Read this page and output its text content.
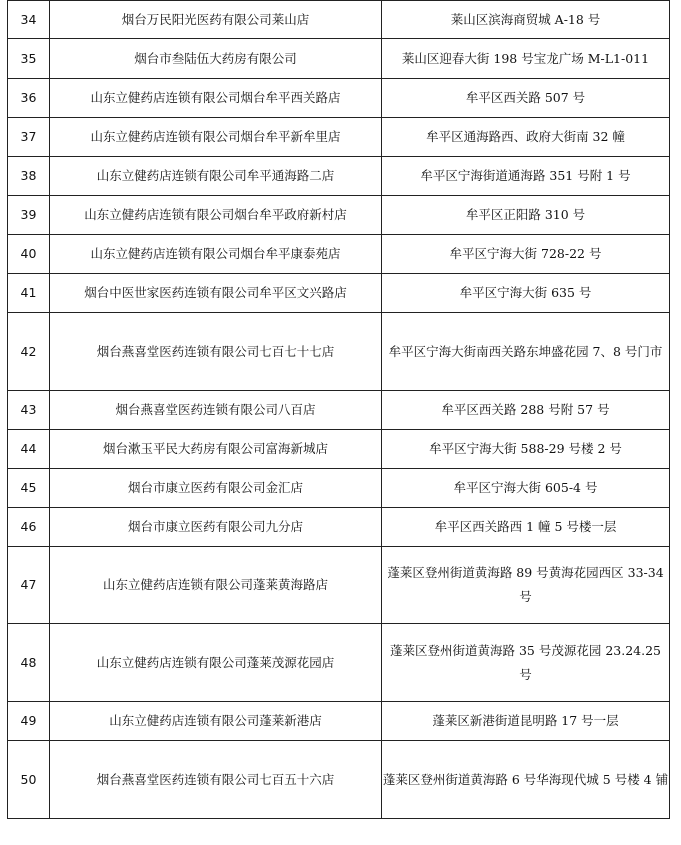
34	烟台万民阳光医药有限公司莱山店	莱山区滨海商贸城 A-18 号
35	烟台市叁陆伍大药房有限公司	莱山区迎春大街 198 号宝龙广场 M-L1-011
36	山东立健药店连锁有限公司烟台牟平西关路店	牟平区西关路 507 号
37	山东立健药店连锁有限公司烟台牟平新牟里店	牟平区通海路西、政府大街南 32 幢
38	山东立健药店连锁有限公司牟平通海路二店	牟平区宁海街道通海路 351 号附 1 号
39	山东立健药店连锁有限公司烟台牟平政府新村店	牟平区正阳路 310 号
40	山东立健药店连锁有限公司烟台牟平康泰苑店	牟平区宁海大街 728-22 号
41	烟台中医世家医药连锁有限公司牟平区文兴路店	牟平区宁海大街 635 号
42	烟台燕喜堂医药连锁有限公司七百七十七店	牟平区宁海大街南西关路东坤盛花园 7、8 号门市
43	烟台燕喜堂医药连锁有限公司八百店	牟平区西关路 288 号附 57 号
44	烟台漱玉平民大药房有限公司富海新城店	牟平区宁海大街 588-29 号楼 2 号
45	烟台市康立医药有限公司金汇店	牟平区宁海大街 605-4 号
46	烟台市康立医药有限公司九分店	牟平区西关路西 1 幢 5 号楼一层
47	山东立健药店连锁有限公司蓬莱黄海路店	蓬莱区登州街道黄海路 89 号黄海花园西区 33-34 号
48	山东立健药店连锁有限公司蓬莱茂源花园店	蓬莱区登州街道黄海路 35 号茂源花园 23.24.25 号
49	山东立健药店连锁有限公司蓬莱新港店	蓬莱区新港街道昆明路 17 号一层
50	烟台燕喜堂医药连锁有限公司七百五十六店	蓬莱区登州街道黄海路 6 号华海现代城 5 号楼 4 铺
